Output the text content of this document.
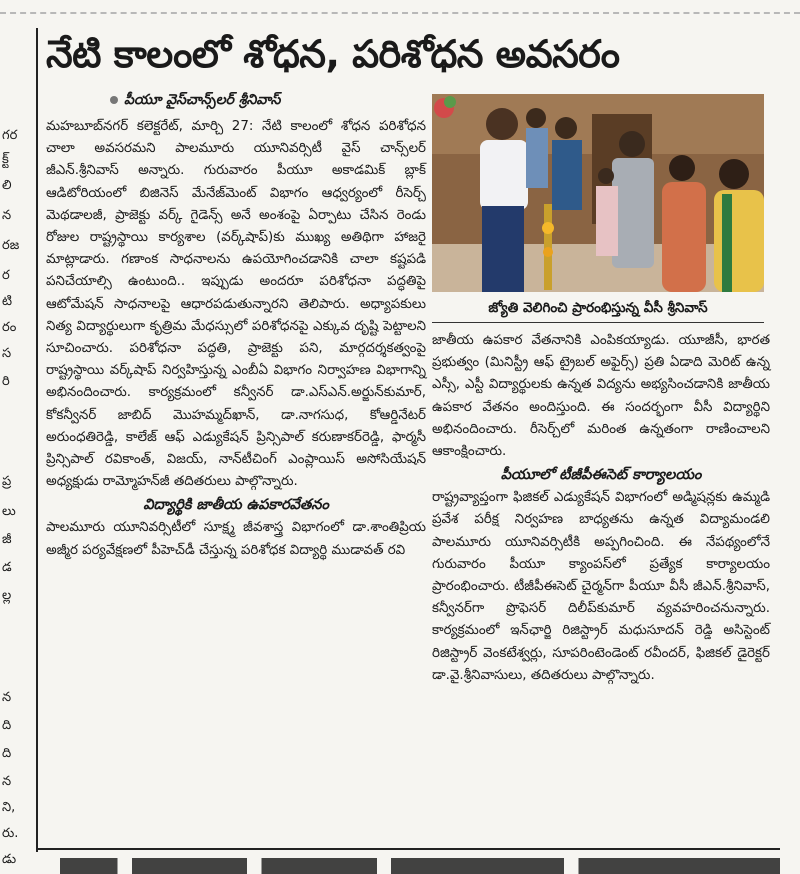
గర
క్ట్
లి
న
రజ
ర
టి
రం
స
రి
ప్ర
లు
జీ
డ
ల్ల
న
ది
ది
న
ని,
రు.
డు
నేటి కాలంలో శోధన, పరిశోధన అవసరం
పీయూ వైస్‌చాన్స్‌లర్‌ శ్రీనివాస్‌

మహబూబ్‌నగర్‌ కలెక్టరేట్‌, మార్చి 27: నేటి కాలంలో శోధన పరిశోధన చాలా అవసరమని పాలమూరు యూనివర్సిటీ వైస్‌ చాన్స్‌లర్‌ జీఎన్‌.శ్రీనివాస్‌ అన్నారు. గురువారం పీయూ అకాడమిక్‌ బ్లాక్‌ ఆడిటోరియంలో బిజినెస్‌ మేనేజ్‌మెంట్‌ విభాగం ఆధ్వర్యంలో రీసెర్చ్‌ మెథడాలజీ, ప్రాజెక్టు వర్క్‌ గైడెన్స్‌ అనే అంశంపై ఏర్పాటు చేసిన రెండు రోజుల రాష్ట్రస్థాయి కార్యశాల (వర్క్‌షాప్‌)కు ముఖ్య అతిథిగా హాజరై మాట్లాడారు. గణాంక సాధనాలను ఉపయోగించడానికి చాలా కష్టపడి పనిచేయాల్సి ఉంటుంది.. ఇప్పుడు అందరూ పరిశోధనా పద్ధతిపై ఆటోమేషన్‌ సాధనాలపై ఆధారపడుతున్నారని తెలిపారు. అధ్యాపకులు నిత్య విద్యార్థులుగా కృత్రిమ మేధస్సులో పరిశోధనపై ఎక్కువ దృష్టి పెట్టాలని సూచించారు. పరిశోధనా పద్ధతి, ప్రాజెక్టు పని, మార్గదర్శకత్వంపై రాష్ట్రస్థాయి వర్క్‌షాప్‌ నిర్వహిస్తున్న ఎంబీఏ విభాగం నిర్వాహణ విభాగాన్ని అభినందించారు. కార్యక్రమంలో కన్వీనర్‌ డా.ఎస్‌ఎన్‌.అర్జున్‌కుమార్‌, కోకన్వీనర్‌ జాబిద్‌ మొహమ్మద్‌ఖాన్‌, డా.నాగసుధ, కోఆర్డినేటర్‌ అరుంధతిరెడ్డి, కాలేజ్‌ ఆఫ్‌ ఎడ్యుకేషన్‌ ప్రిన్సిపాల్‌ కరుణాకర్‌రెడ్డి, ఫార్మసీ ప్రిన్సిపాల్‌ రవికాంత్‌, విజయ్‌, నాన్‌టీచింగ్‌ ఎంప్లాయిస్‌ అసోసియేషన్‌ అధ్యక్షుడు రామ్మోహన్‌జీ తదితరులు పాల్గొన్నారు.

విద్యార్థికి జాతీయ ఉపకారవేతనం

పాలమూరు యూనివర్సిటీలో సూక్ష్మ జీవశాస్త్ర విభాగంలో డా.శాంతిప్రియ అజ్మీర పర్యవేక్షణలో పీహెచ్‌డీ చేస్తున్న పరిశోధక విద్యార్థి ముడావత్‌ రవి

జ్యోతి వెలిగించి ప్రారంభిస్తున్న వీసీ శ్రీనివాస్‌

జాతీయ ఉపకార వేతనానికి ఎంపికయ్యాడు. యూజీసీ, భారత ప్రభుత్వం (మినిస్ట్రీ ఆఫ్‌ ట్రైబల్‌ అఫైర్స్‌) ప్రతి ఏడాది మెరిట్‌ ఉన్న ఎస్సీ, ఎస్టీ విద్యార్థులకు ఉన్నత విద్యను అభ్యసించడానికి జాతీయ ఉపకార వేతనం అందిస్తుంది. ఈ సందర్భంగా వీసీ విద్యార్థిని అభినందించారు. రీసెర్చ్‌లో మరింత ఉన్నతంగా రాణించాలని ఆకాంక్షించారు.

పీయూలో టీజీపీఈసెట్‌ కార్యాలయం

రాష్ట్రవ్యాప్తంగా ఫిజికల్‌ ఎడ్యుకేషన్‌ విభాగంలో అడ్మిషన్లకు ఉమ్మడి ప్రవేశ పరీక్ష నిర్వహణ బాధ్యతను ఉన్నత విద్యామండలి పాలమూరు యూనివర్సిటీకి అప్పగించింది. ఈ నేపథ్యంలోనే గురువారం పీయూ క్యాంపస్‌లో ప్రత్యేక కార్యాలయం ప్రారంభించారు. టీజీపీఈసెట్‌ చైర్మన్‌గా పీయూ వీసీ జీఎన్‌.శ్రీనివాస్‌, కన్వీనర్‌గా ప్రొఫెసర్‌ దిలీప్‌కుమార్‌ వ్యవహరించనున్నారు. కార్యక్రమంలో ఇన్‌ఛార్జి రిజిస్ట్రార్‌ మధుసూదన్‌ రెడ్డి అసిస్టెంట్‌ రిజిస్ట్రార్‌ వెంకటేశ్వర్లు, సూపరింటెండెంట్‌ రవీందర్‌, ఫిజికల్‌ డైరెక్టర్‌ డా.వై.శ్రీనివాసులు, తదితరులు పాల్గొన్నారు.
